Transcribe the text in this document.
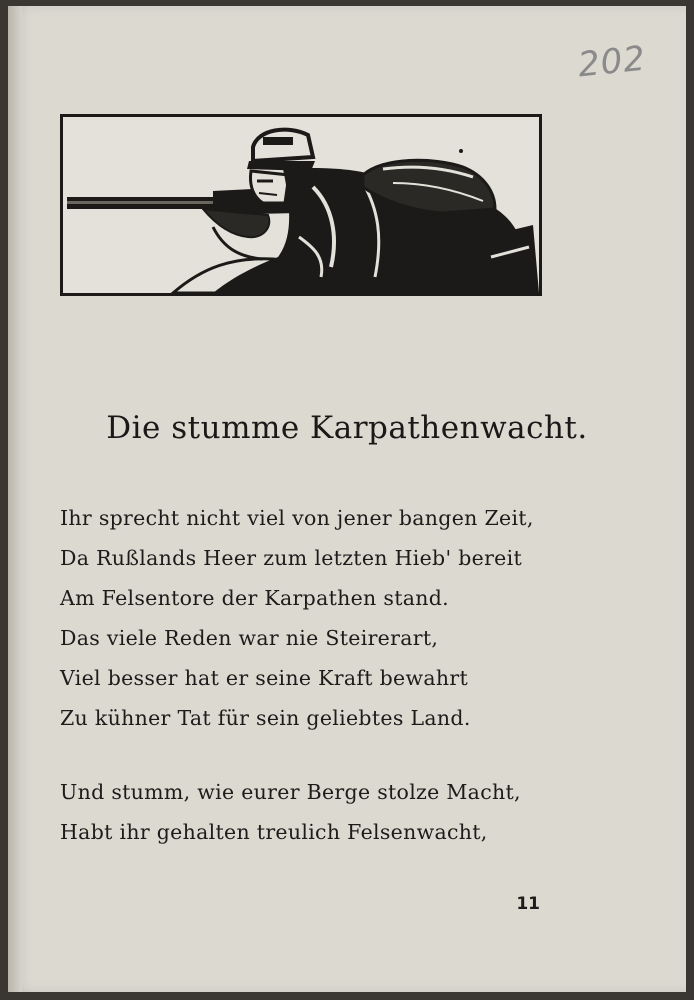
202
Die stumme Karpathenwacht.
Ihr sprecht nicht viel von jener bangen Zeit,
Da Rußlands Heer zum letzten Hieb' bereit
Am Felsentore der Karpathen stand.
Das viele Reden war nie Steirerart,
Viel besser hat er seine Kraft bewahrt
Zu kühner Tat für sein geliebtes Land.
Und stumm, wie eurer Berge stolze Macht,
Habt ihr gehalten treulich Felsenwacht,
11
